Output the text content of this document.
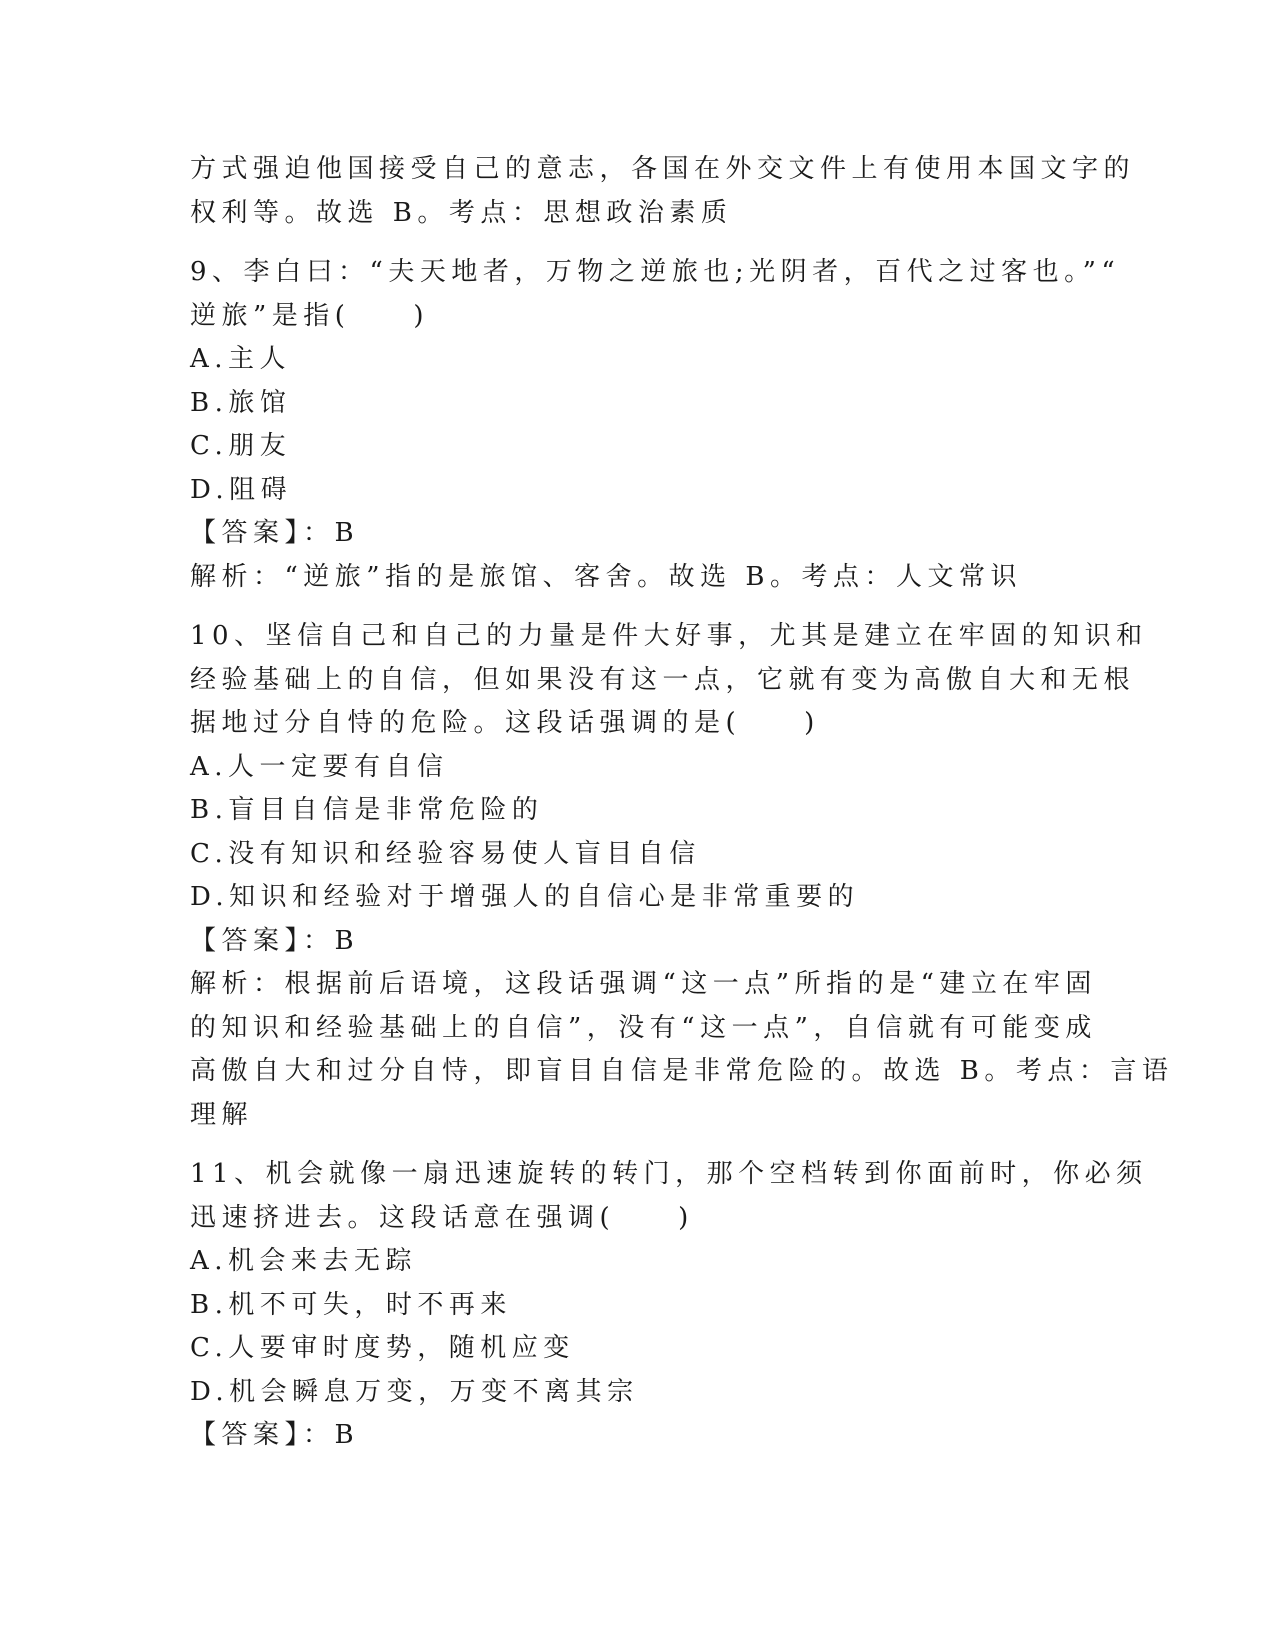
方式强迫他国接受自己的意志，各国在外交文件上有使用本国文字的
权利等。故选 B。考点：思想政治素质
9、李白曰：“夫天地者，万物之逆旅也;光阴者，百代之过客也。”“
逆旅”是指(　　)
A.主人
B.旅馆
C.朋友
D.阻碍
【答案】：B
解析：“逆旅”指的是旅馆、客舍。故选 B。考点：人文常识
10、坚信自己和自己的力量是件大好事，尤其是建立在牢固的知识和
经验基础上的自信，但如果没有这一点，它就有变为高傲自大和无根
据地过分自恃的危险。这段话强调的是(　　)
A.人一定要有自信
B.盲目自信是非常危险的
C.没有知识和经验容易使人盲目自信
D.知识和经验对于增强人的自信心是非常重要的
【答案】：B
解析：根据前后语境，这段话强调“这一点”所指的是“建立在牢固
的知识和经验基础上的自信”，没有“这一点”，自信就有可能变成
高傲自大和过分自恃，即盲目自信是非常危险的。故选 B。考点：言语
理解
11、机会就像一扇迅速旋转的转门，那个空档转到你面前时，你必须
迅速挤进去。这段话意在强调(　　)
A.机会来去无踪
B.机不可失，时不再来
C.人要审时度势，随机应变
D.机会瞬息万变，万变不离其宗
【答案】：B
